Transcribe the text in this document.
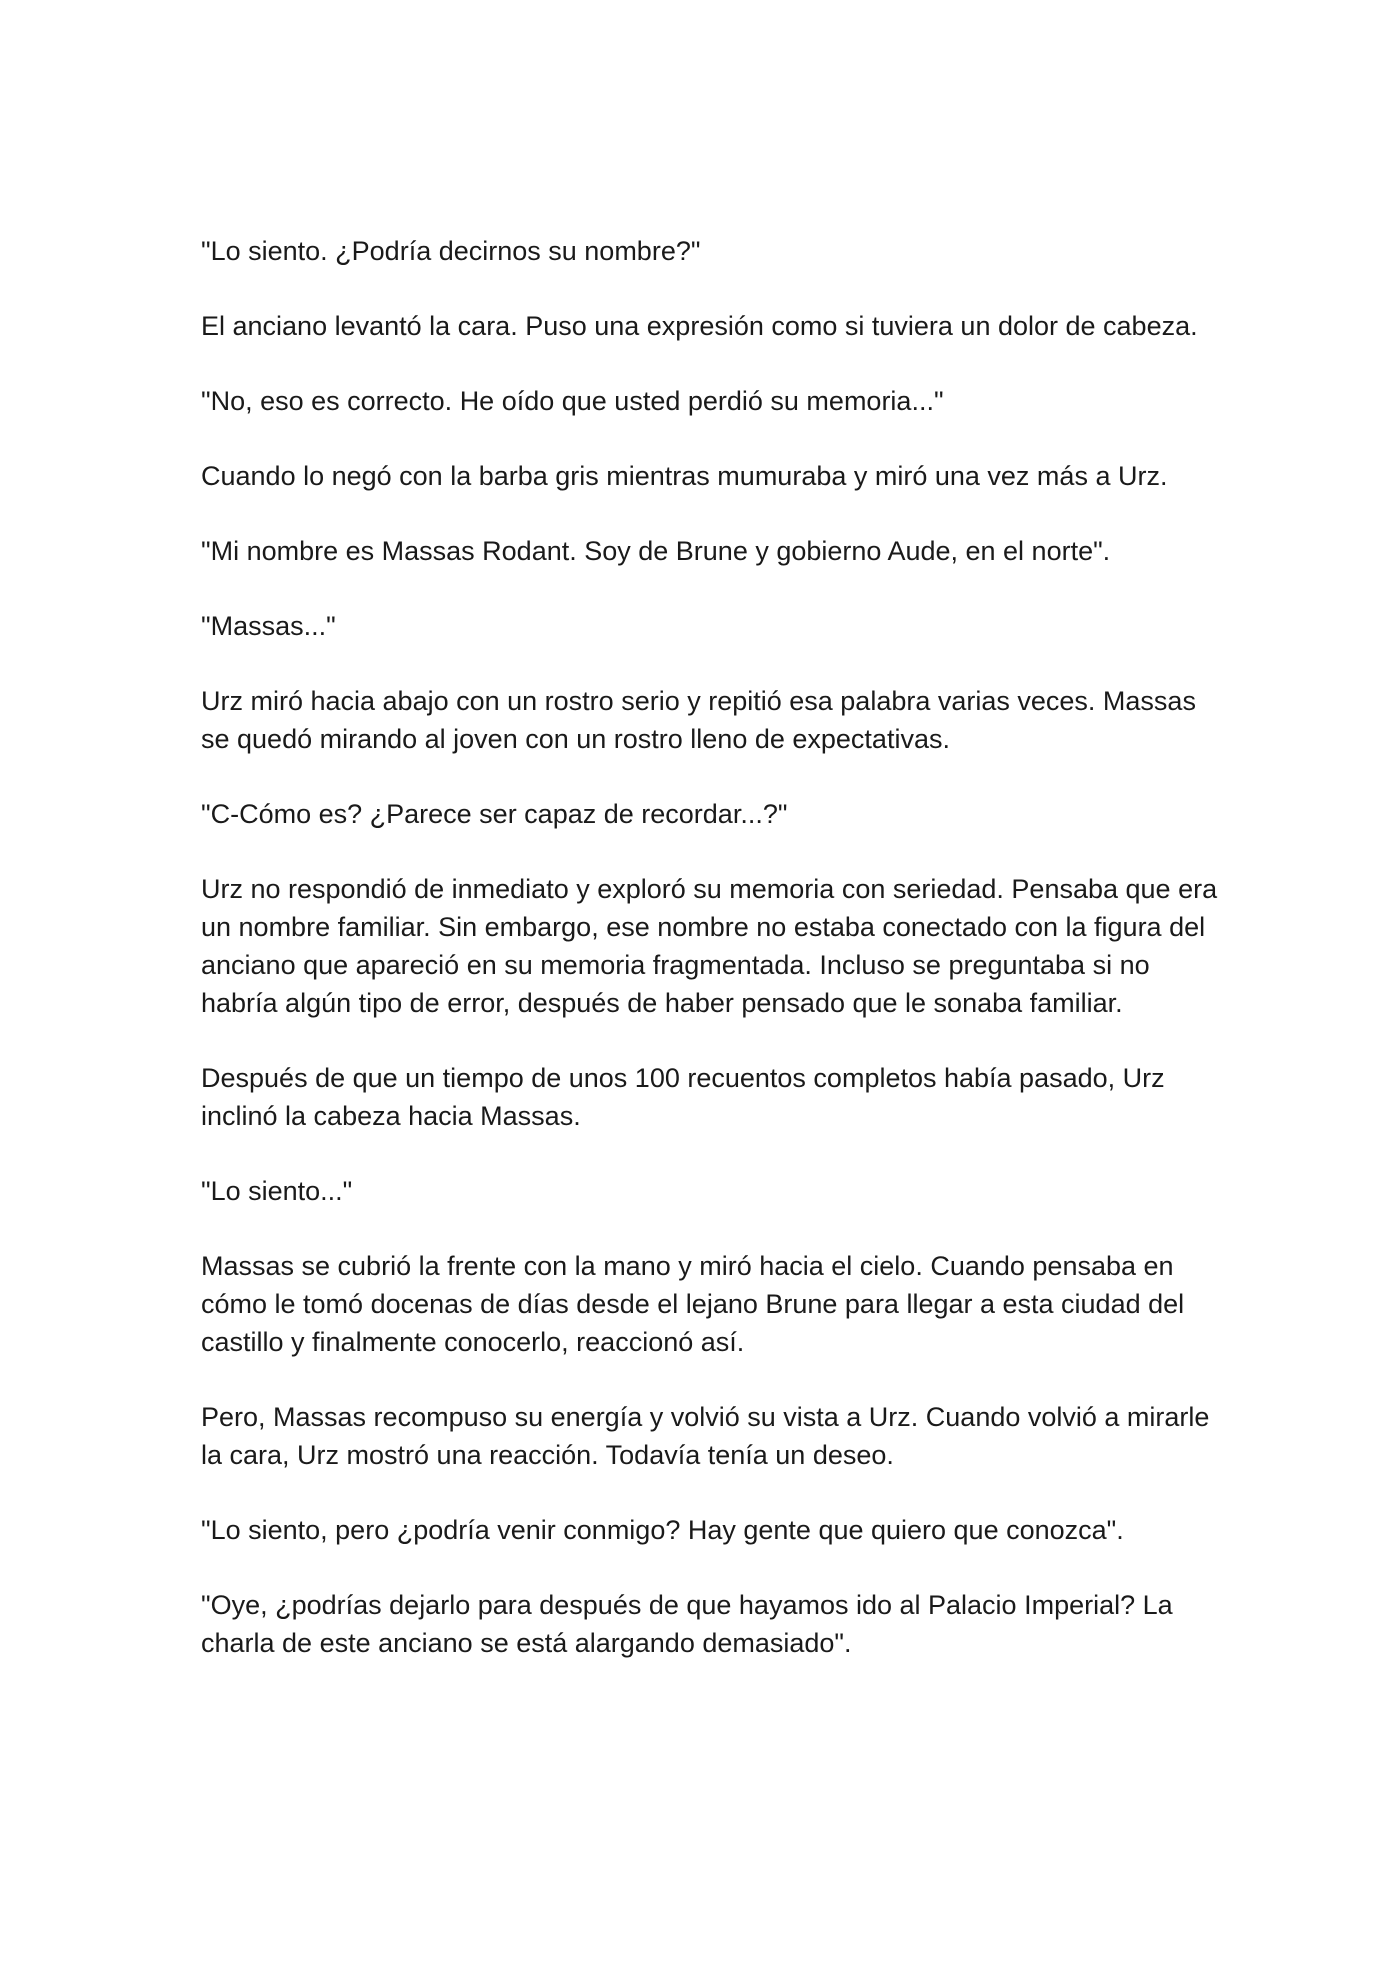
"Lo siento. ¿Podría decirnos su nombre?"

El anciano levantó la cara. Puso una expresión como si tuviera un dolor de cabeza.

"No, eso es correcto. He oído que usted perdió su memoria..."

Cuando lo negó con la barba gris mientras mumuraba y miró una vez más a Urz.

"Mi nombre es Massas Rodant. Soy de Brune y gobierno Aude, en el norte".

"Massas..."

Urz miró hacia abajo con un rostro serio y repitió esa palabra varias veces. Massas se quedó mirando al joven con un rostro lleno de expectativas.

"C-Cómo es? ¿Parece ser capaz de recordar...?"

Urz no respondió de inmediato y exploró su memoria con seriedad. Pensaba que era un nombre familiar. Sin embargo, ese nombre no estaba conectado con la figura del anciano que apareció en su memoria fragmentada. Incluso se preguntaba si no habría algún tipo de error, después de haber pensado que le sonaba familiar.

Después de que un tiempo de unos 100 recuentos completos había pasado, Urz inclinó la cabeza hacia Massas.

"Lo siento..."

Massas se cubrió la frente con la mano y miró hacia el cielo. Cuando pensaba en cómo le tomó docenas de días desde el lejano Brune para llegar a esta ciudad del castillo y finalmente conocerlo, reaccionó así.

Pero, Massas recompuso su energía y volvió su vista a Urz. Cuando volvió a mirarle la cara, Urz mostró una reacción. Todavía tenía un deseo.

"Lo siento, pero ¿podría venir conmigo? Hay gente que quiero que conozca".

"Oye, ¿podrías dejarlo para después de que hayamos ido al Palacio Imperial? La charla de este anciano se está alargando demasiado".
